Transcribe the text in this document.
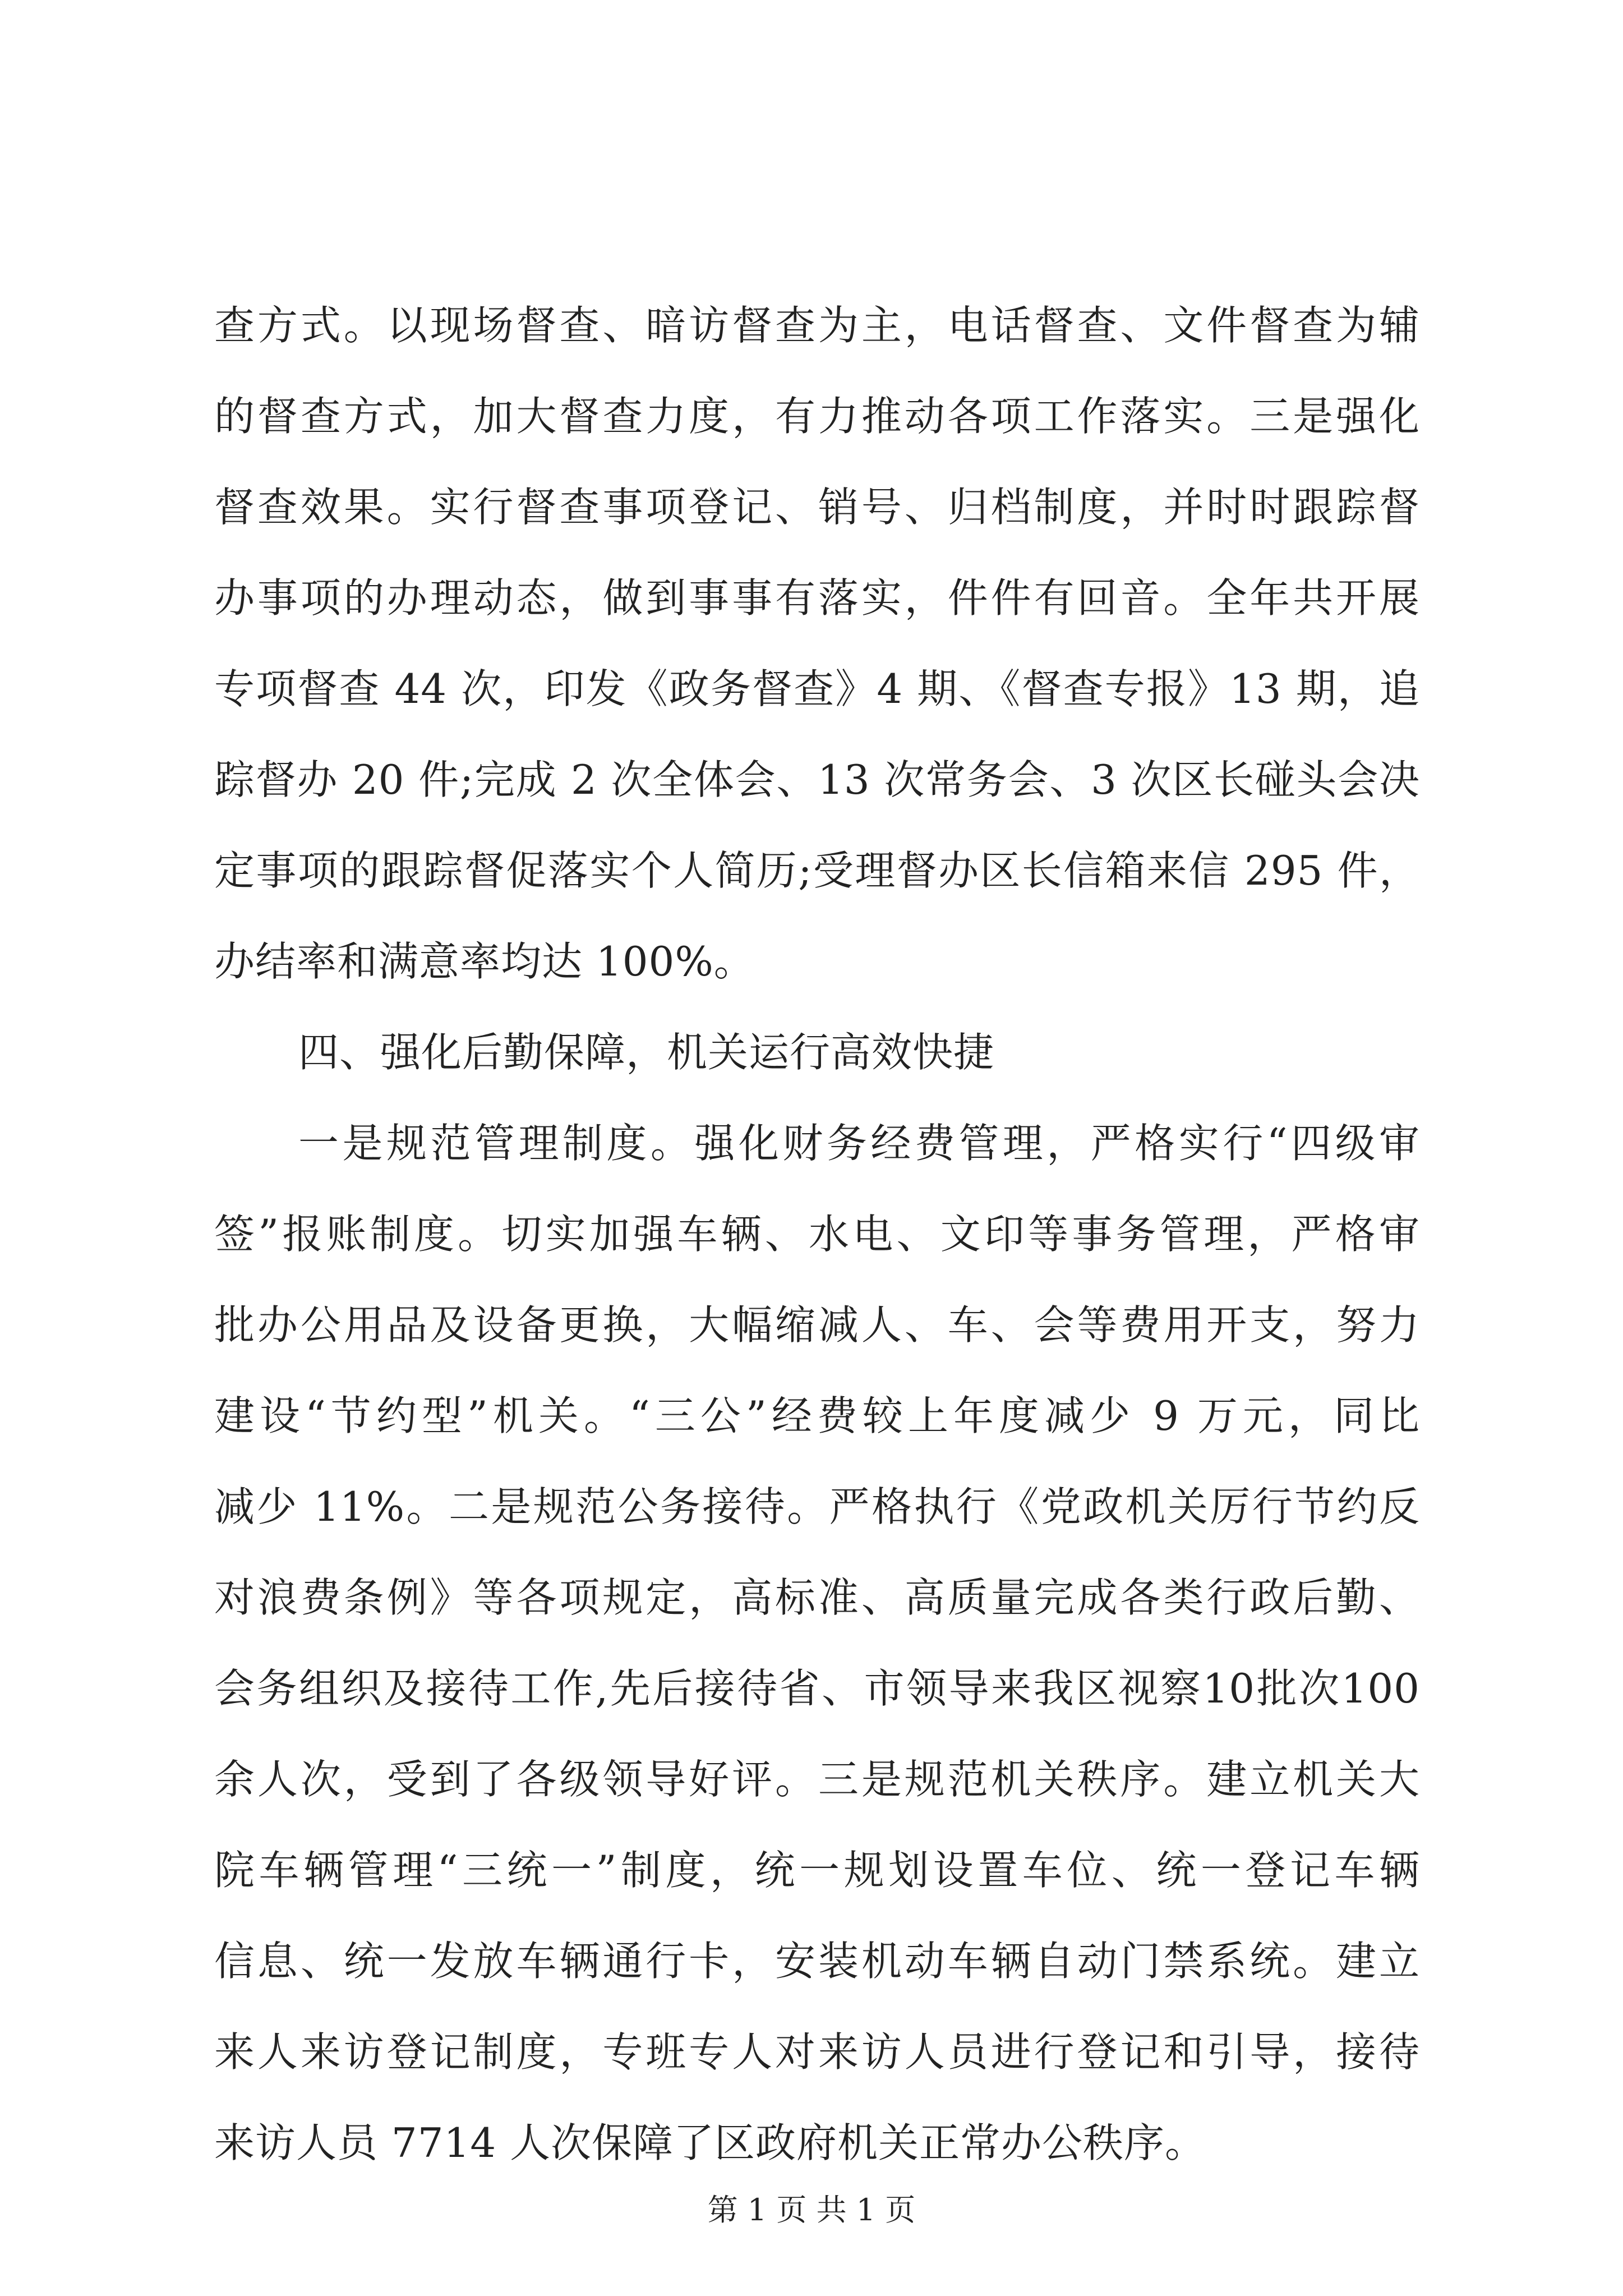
查方式。以现场督查、暗访督查为主，电话督查、文件督查为辅
的督查方式，加大督查力度，有力推动各项工作落实。三是强化
督查效果。实行督查事项登记、销号、归档制度，并时时跟踪督
办事项的办理动态，做到事事有落实，件件有回音。全年共开展
专项督查 44 次，印发《政务督查》4 期、《督查专报》13 期，追
踪督办 20 件;完成 2 次全体会、13 次常务会、3 次区长碰头会决
定事项的跟踪督促落实个人简历;受理督办区长信箱来信 295 件，
办结率和满意率均达 100%。
四、强化后勤保障，机关运行高效快捷
一是规范管理制度。强化财务经费管理，严格实行“四级审
签”报账制度。切实加强车辆、水电、文印等事务管理，严格审
批办公用品及设备更换，大幅缩减人、车、会等费用开支，努力
建设“节约型”机关。“三公”经费较上年度减少 9 万元，同比
减少 11%。二是规范公务接待。严格执行《党政机关厉行节约反
对浪费条例》等各项规定，高标准、高质量完成各类行政后勤、
会务组织及接待工作,先后接待省、市领导来我区视察10批次100
余人次，受到了各级领导好评。三是规范机关秩序。建立机关大
院车辆管理“三统一”制度，统一规划设置车位、统一登记车辆
信息、统一发放车辆通行卡，安装机动车辆自动门禁系统。建立
来人来访登记制度，专班专人对来访人员进行登记和引导，接待
来访人员 7714 人次保障了区政府机关正常办公秩序。
第 1 页 共 1 页
